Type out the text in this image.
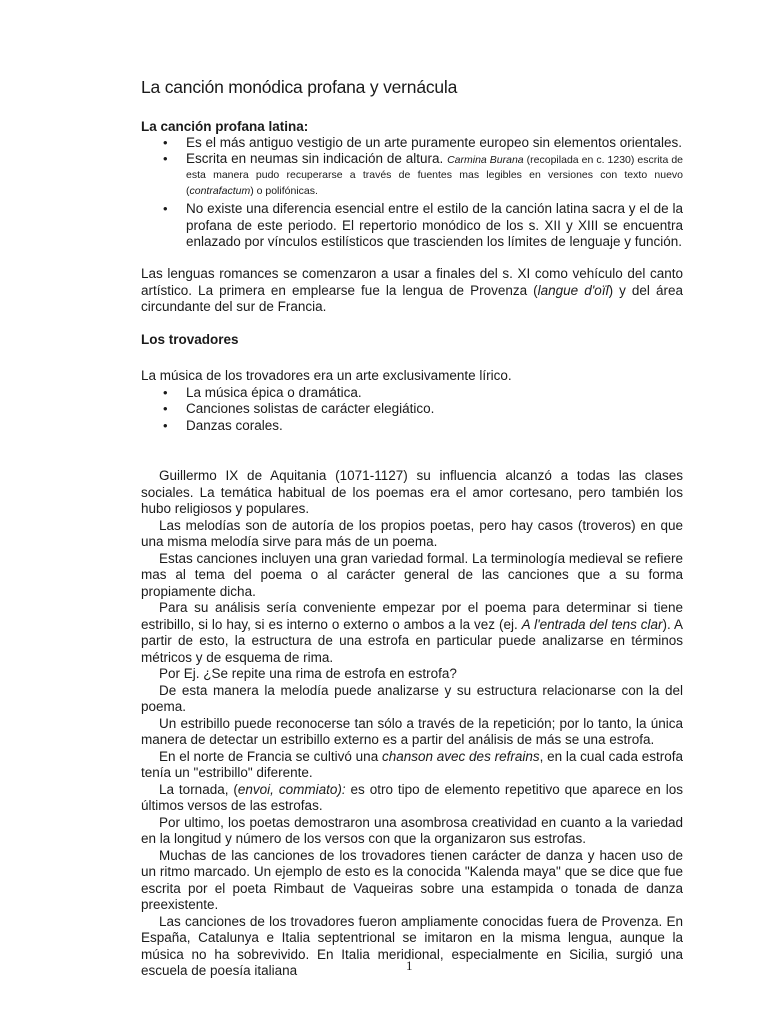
La canción monódica profana y vernácula
La canción profana latina:
• Es el más antiguo vestigio de un arte puramente europeo sin elementos orientales.
• Escrita en neumas sin indicación de altura. Carmina Burana (recopilada en c. 1230) escrita de esta manera pudo recuperarse a través de fuentes mas legibles en versiones con texto nuevo (contrafactum) o polifónicas.
• No existe una diferencia esencial entre el estilo de la canción latina sacra y el de la profana de este periodo. El repertorio monódico de los s. XII y XIII se encuentra enlazado por vínculos estilísticos que trascienden los límites de lenguaje y función.
Las lenguas romances se comenzaron a usar a finales del s. XI como vehículo del canto artístico. La primera en emplearse fue la lengua de Provenza (langue d'oïl) y del área circundante del sur de Francia.
Los trovadores
La música de los trovadores era un arte exclusivamente lírico.
• La música épica o dramática.
• Canciones solistas de carácter elegiático.
• Danzas corales.

Guillermo IX de Aquitania (1071-1127) su influencia alcanzó a todas las clases sociales. La temática habitual de los poemas era el amor cortesano, pero también los hubo religiosos y populares.

Las melodías son de autoría de los propios poetas, pero hay casos (troveros) en que una misma melodía sirve para más de un poema.

Estas canciones incluyen una gran variedad formal. La terminología medieval se refiere mas al tema del poema o al carácter general de las canciones que a su forma propiamente dicha.

Para su análisis sería conveniente empezar por el poema para determinar si tiene estribillo, si lo hay, si es interno o externo o ambos a la vez (ej. A l'entrada del tens clar). A partir de esto, la estructura de una estrofa en particular puede analizarse en términos métricos y de esquema de rima.

Por Ej. ¿Se repite una rima de estrofa en estrofa?

De esta manera la melodía puede analizarse y su estructura relacionarse con la del poema.

Un estribillo puede reconocerse tan sólo a través de la repetición; por lo tanto, la única manera de detectar un estribillo externo es a partir del análisis de más se una estrofa.

En el norte de Francia se cultivó una chanson avec des refrains, en la cual cada estrofa tenía un "estribillo" diferente.

La tornada, (envoi, commiato): es otro tipo de elemento repetitivo que aparece en los últimos versos de las estrofas.

Por ultimo, los poetas demostraron una asombrosa creatividad en cuanto a la variedad en la longitud y número de los versos con que la organizaron sus estrofas.

Muchas de las canciones de los trovadores tienen carácter de danza y hacen uso de un ritmo marcado. Un ejemplo de esto es la conocida "Kalenda maya" que se dice que fue escrita por el poeta Rimbaut de Vaqueiras sobre una estampida o tonada de danza preexistente.

Las canciones de los trovadores fueron ampliamente conocidas fuera de Provenza. En España, Catalunya e Italia septentrional se imitaron en la misma lengua, aunque la música no ha sobrevivido. En Italia meridional, especialmente en Sicilia, surgió una escuela de poesía italiana	1
